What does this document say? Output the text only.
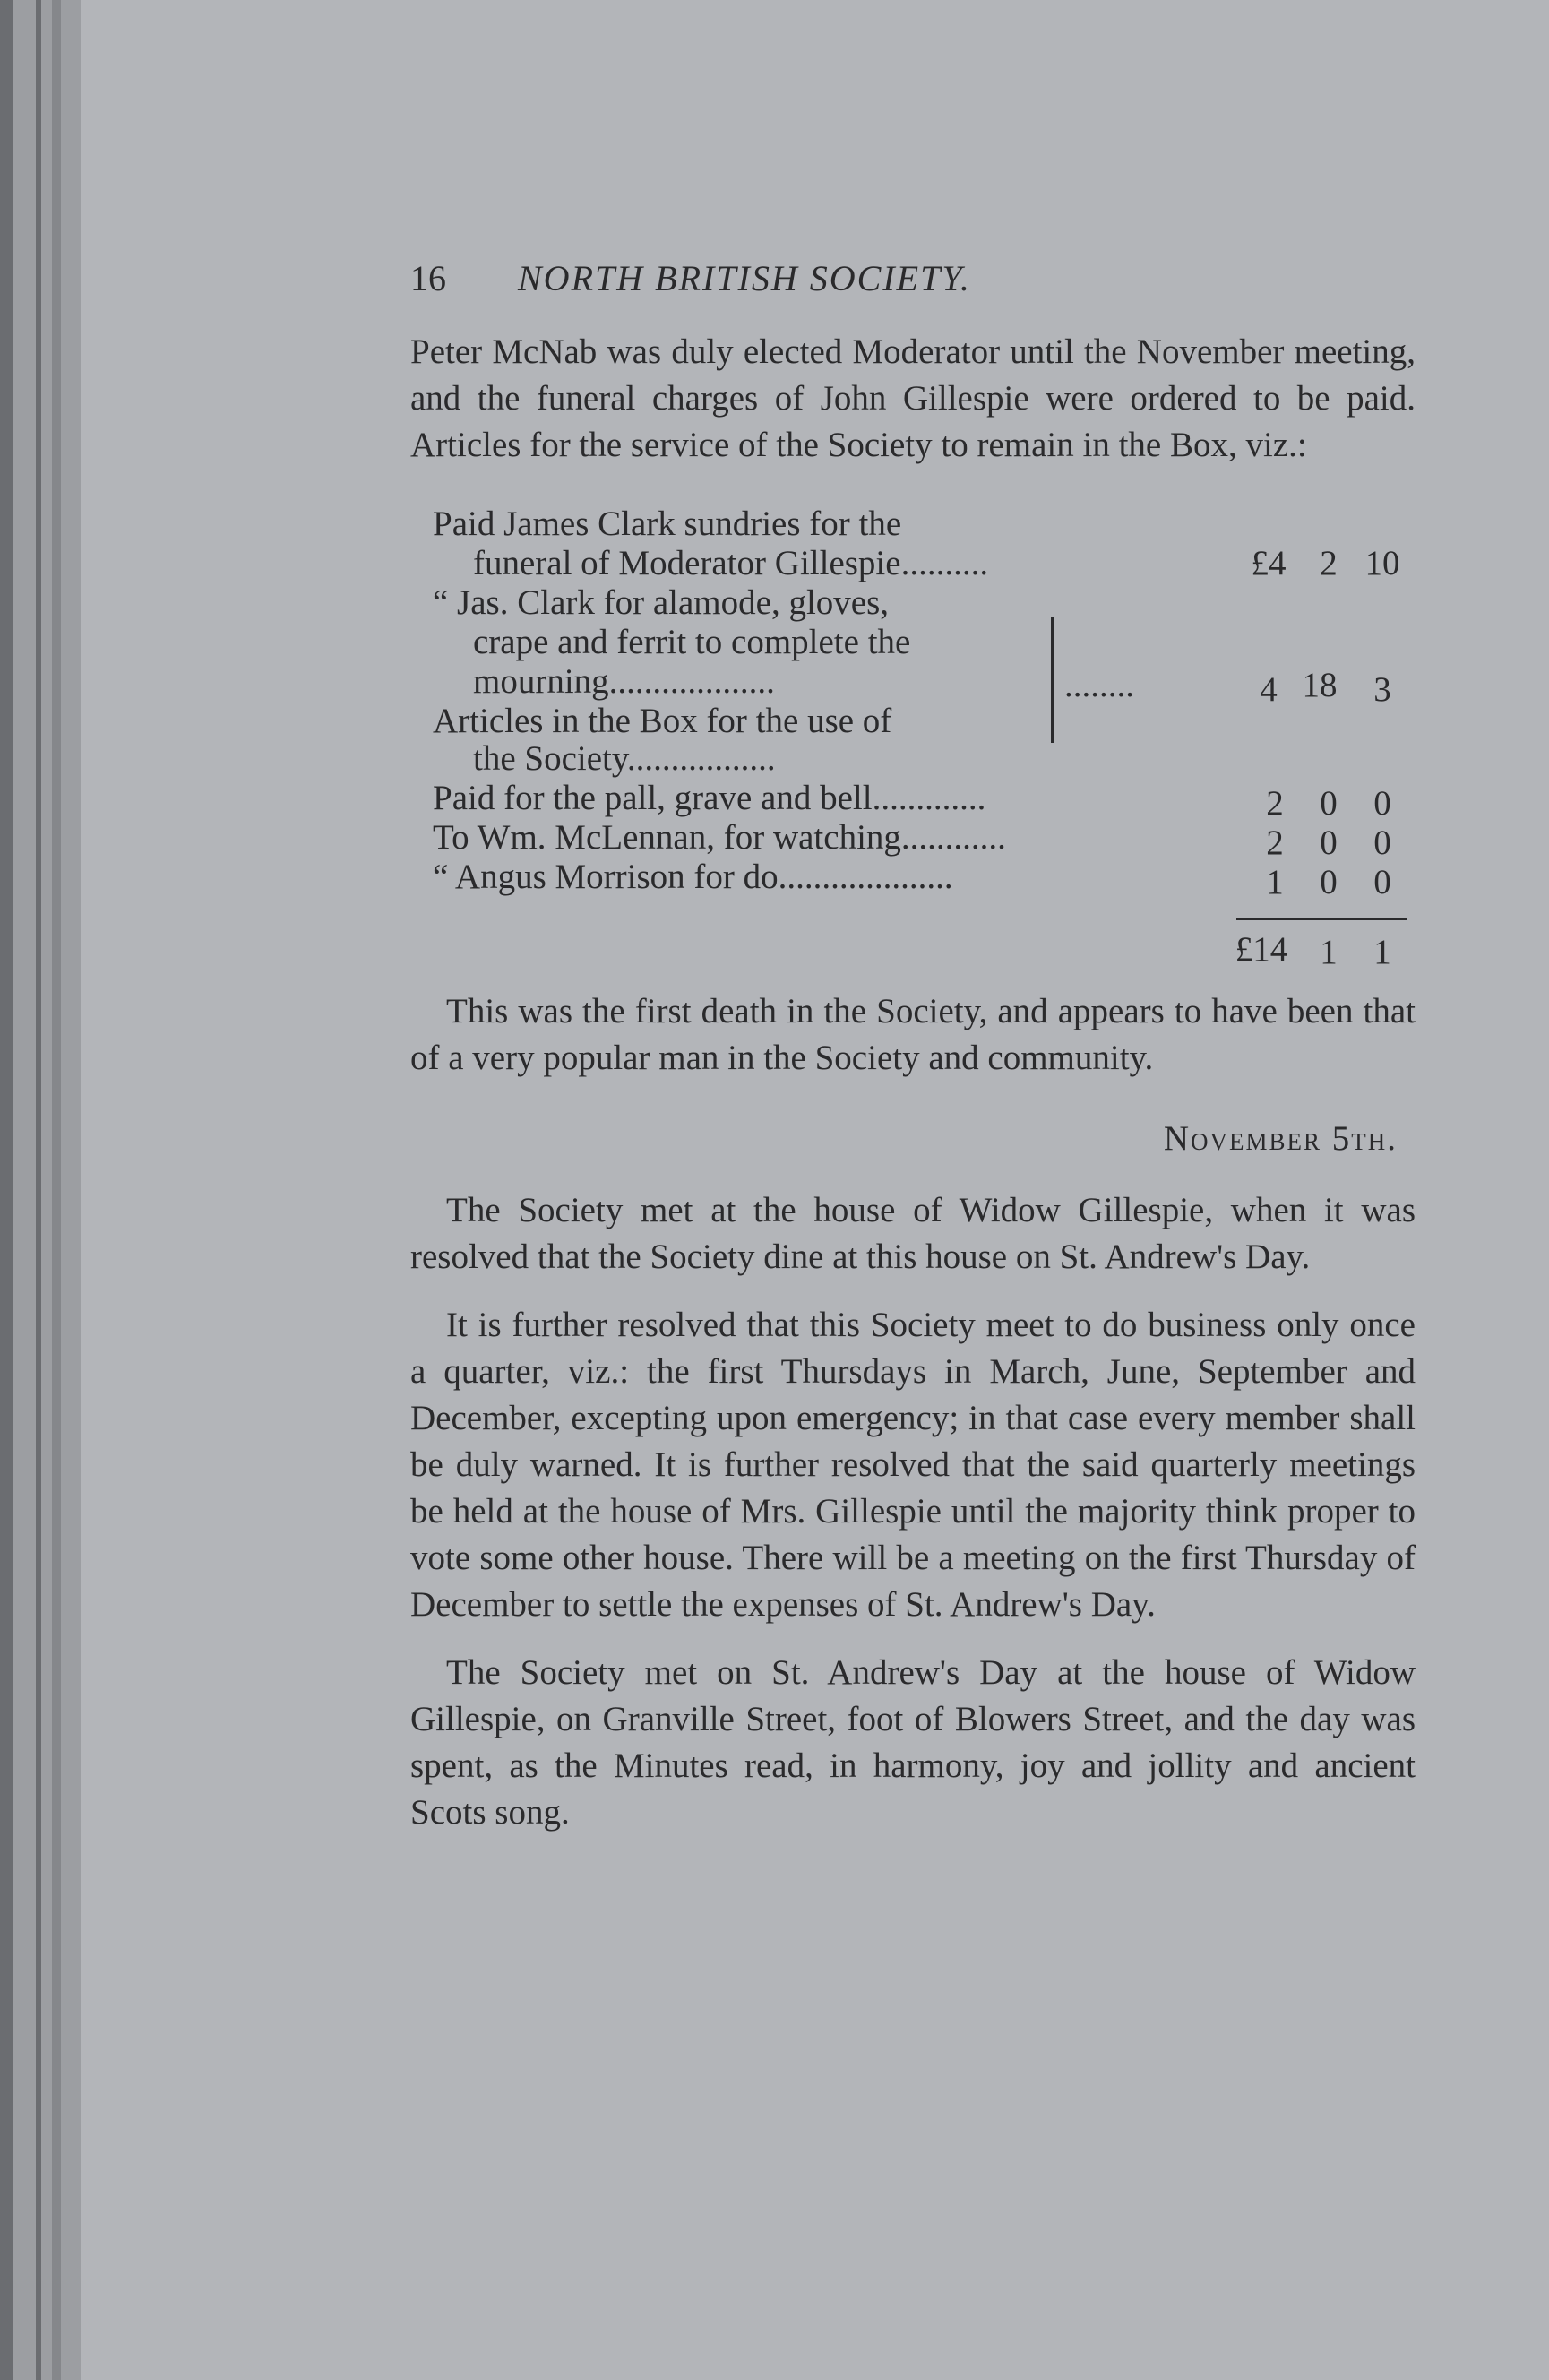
16	NORTH BRITISH SOCIETY.

Peter McNab was duly elected Moderator until the November meeting, and the funeral charges of John Gillespie were ordered to be paid. Articles for the service of the Society to remain in the Box, viz.:

Paid James Clark sundries for the
funeral of Moderator Gillespie..........	£4 2 10
“ Jas. Clark for alamode, gloves,
crape and ferrit to complete the
mourning...................
Articles in the Box for the use of
the Society.................
........	4 18	3
Paid for the pall, grave and bell.............	2	0	0
To Wm. McLennan, for watching............	2	0	0
“ Angus Morrison for do....................	1	0	0
£14 1	1

This was the first death in the Society, and appears to have been that of a very popular man in the Society and community.

November 5th.

The Society met at the house of Widow Gillespie, when it was resolved that the Society dine at this house on St. Andrew's Day.

It is further resolved that this Society meet to do business only once a quarter, viz.: the first Thursdays in March, June, September and December, excepting upon emergency; in that case every member shall be duly warned. It is further resolved that the said quarterly meetings be held at the house of Mrs. Gillespie until the majority think proper to vote some other house. There will be a meeting on the first Thursday of December to settle the expenses of St. Andrew's Day.

The Society met on St. Andrew's Day at the house of Widow Gillespie, on Granville Street, foot of Blowers Street, and the day was spent, as the Minutes read, in harmony, joy and jollity and ancient Scots song.
